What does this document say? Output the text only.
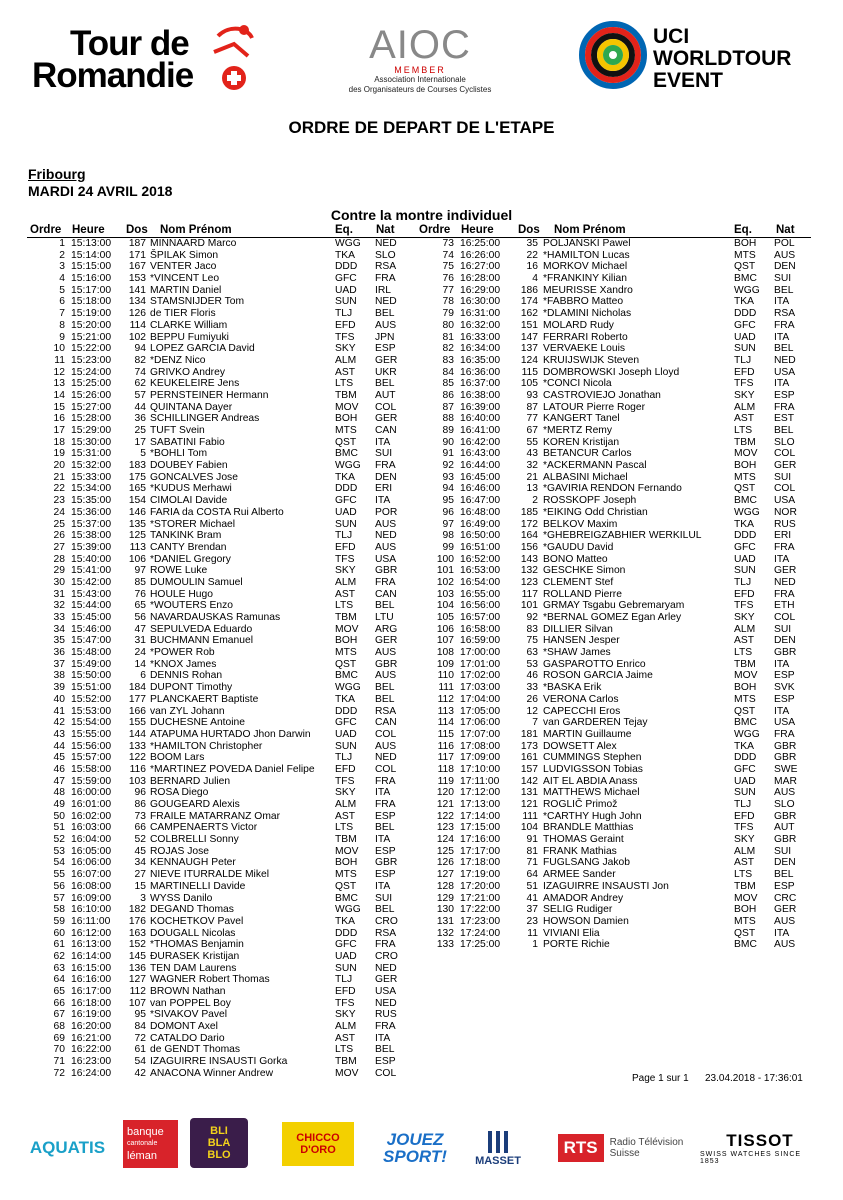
Tour de
Romandie
AIOC
MEMBER
Association Internationale
des Organisateurs de Courses Cyclistes
UCI
WORLDTOUR
EVENT
ORDRE DE DEPART DE L'ETAPE
Fribourg
MARDI 24 AVRIL 2018
Contre la montre individuel
Ordre Heure Dos Nom Prénom	Eq. Nat
1 15:13:00 187 MINNAARD Marco	WGG NED
2 15:14:00 171 ŠPILAK Simon	TKA SLO
3 15:15:00 167 VENTER Jaco	DDD RSA
4 15:16:00 153 *VINCENT Leo	GFC FRA
5 15:17:00 141 MARTIN Daniel	UAD IRL
6 15:18:00 134 STAMSNIJDER Tom	SUN NED
7 15:19:00 126 de TIER Floris	TLJ BEL
8 15:20:00 114 CLARKE William	EFD AUS
9 15:21:00 102 BEPPU Fumiyuki	TFS JPN
10 15:22:00 94 LOPEZ GARCIA David	SKY ESP
11 15:23:00 82 *DENZ Nico	ALM GER
12 15:24:00 74 GRIVKO Andrey	AST UKR
13 15:25:00 62 KEUKELEIRE Jens	LTS BEL
14 15:26:00 57 PERNSTEINER Hermann	TBM AUT
15 15:27:00 44 QUINTANA Dayer	MOV COL
16 15:28:00 36 SCHILLINGER Andreas	BOH GER
17 15:29:00 25 TUFT Svein	MTS CAN
18 15:30:00 17 SABATINI Fabio	QST ITA
19 15:31:00	5 *BOHLI Tom	BMC SUI
20 15:32:00 183 DOUBEY Fabien	WGG FRA
21 15:33:00 175 GONCALVES Jose	TKA DEN
22 15:34:00 165 *KUDUS Merhawi	DDD ERI
23 15:35:00 154 CIMOLAI Davide	GFC ITA
24 15:36:00 146 FARIA da COSTA Rui Alberto	UAD POR
25 15:37:00 135 *STORER Michael	SUN AUS
26 15:38:00 125 TANKINK Bram	TLJ NED
27 15:39:00 113 CANTY Brendan	EFD AUS
28 15:40:00 106 *DANIEL Gregory	TFS USA
29 15:41:00 97 ROWE Luke	SKY GBR
30 15:42:00 85 DUMOULIN Samuel	ALM FRA
31 15:43:00 76 HOULE Hugo	AST CAN
32 15:44:00 65 *WOUTERS Enzo	LTS BEL
33 15:45:00 56 NAVARDAUSKAS Ramunas	TBM LTU
34 15:46:00 47 SEPULVEDA Eduardo	MOV ARG
35 15:47:00 31 BUCHMANN Emanuel	BOH GER
36 15:48:00 24 *POWER Rob	MTS AUS
37 15:49:00 14 *KNOX James	QST GBR
38 15:50:00	6 DENNIS Rohan	BMC AUS
39 15:51:00 184 DUPONT Timothy	WGG BEL
40 15:52:00 177 PLANCKAERT Baptiste	TKA BEL
41 15:53:00 166 van ZYL Johann	DDD RSA
42 15:54:00 155 DUCHESNE Antoine	GFC CAN
43 15:55:00 144 ATAPUMA HURTADO Jhon Darwin UAD COL
44 15:56:00 133 *HAMILTON Christopher	SUN AUS
45 15:57:00 122 BOOM Lars	TLJ NED
46 15:58:00 116 *MARTINEZ POVEDA Daniel Felipe EFD COL
47 15:59:00 103 BERNARD Julien	TFS FRA
48 16:00:00 96 ROSA Diego	SKY ITA
49 16:01:00 86 GOUGEARD Alexis	ALM FRA
50 16:02:00 73 FRAILE MATARRANZ Omar	AST ESP
51 16:03:00 66 CAMPENAERTS Victor	LTS BEL
52 16:04:00 52 COLBRELLI Sonny	TBM ITA
53 16:05:00 45 ROJAS Jose	MOV ESP
54 16:06:00 34 KENNAUGH Peter	BOH GBR
55 16:07:00 27 NIEVE ITURRALDE Mikel	MTS ESP
56 16:08:00 15 MARTINELLI Davide	QST ITA
57 16:09:00	3 WYSS Danilo	BMC SUI
58 16:10:00 182 DEGAND Thomas	WGG BEL
59 16:11:00 176 KOCHETKOV Pavel	TKA CRO
60 16:12:00 163 DOUGALL Nicolas	DDD RSA
61 16:13:00 152 *THOMAS Benjamin	GFC FRA
62 16:14:00 145 ĐURASEK Kristijan	UAD CRO
63 16:15:00 136 TEN DAM Laurens	SUN NED
64 16:16:00 127 WAGNER Robert Thomas	TLJ GER
65 16:17:00 112 BROWN Nathan	EFD USA
66 16:18:00 107 van POPPEL Boy	TFS NED
67 16:19:00 95 *SIVAKOV Pavel	SKY RUS
68 16:20:00 84 DOMONT Axel	ALM FRA
69 16:21:00 72 CATALDO Dario	AST ITA
70 16:22:00 61 de GENDT Thomas	LTS BEL
71 16:23:00 54 IZAGUIRRE INSAUSTI Gorka	TBM ESP
72 16:24:00 42 ANACONA Winner Andrew	MOV COL
Ordre Heure Dos Nom Prénom	Eq. Nat
73 16:25:00	35 POLJANSKI Pawel	BOH POL
74 16:26:00	22 *HAMILTON Lucas	MTS AUS
75 16:27:00	16 MORKOV Michael	QST DEN
76 16:28:00	4 *FRANKINY Kilian	BMC SUI
77 16:29:00 186 MEURISSE Xandro	WGG BEL
78 16:30:00 174 *FABBRO Matteo	TKA ITA
79 16:31:00 162 *DLAMINI Nicholas	DDD RSA
80 16:32:00 151 MOLARD Rudy	GFC FRA
81 16:33:00 147 FERRARI Roberto	UAD ITA
82 16:34:00 137 VERVAEKE Louis	SUN BEL
83 16:35:00 124 KRUIJSWIJK Steven	TLJ NED
84 16:36:00 115 DOMBROWSKI Joseph Lloyd	EFD USA
85 16:37:00 105 *CONCI Nicola	TFS ITA
86 16:38:00	93 CASTROVIEJO Jonathan	SKY ESP
87 16:39:00	87 LATOUR Pierre Roger	ALM FRA
88 16:40:00	77 KANGERT Tanel	AST EST
89 16:41:00	67 *MERTZ Remy	LTS BEL
90 16:42:00	55 KOREN Kristijan	TBM SLO
91 16:43:00	43 BETANCUR Carlos	MOV COL
92 16:44:00	32 *ACKERMANN Pascal	BOH GER
93 16:45:00	21 ALBASINI Michael	MTS SUI
94 16:46:00	13 *GAVIRIA RENDON Fernando	QST COL
95 16:47:00	2 ROSSKOPF Joseph	BMC USA
96 16:48:00 185 *EIKING Odd Christian	WGG NOR
97 16:49:00 172 BELKOV Maxim	TKA RUS
98 16:50:00 164 *GHEBREIGZABHIER WERKILUL	DDD ERI
99 16:51:00 156 *GAUDU David	GFC FRA
100 16:52:00 143 BONO Matteo	UAD ITA
101 16:53:00 132 GESCHKE Simon	SUN GER
102 16:54:00 123 CLEMENT Stef	TLJ NED
103 16:55:00 117 ROLLAND Pierre	EFD FRA
104 16:56:00 101 GRMAY Tsgabu Gebremaryam	TFS ETH
105 16:57:00	92 *BERNAL GOMEZ Egan Arley	SKY COL
106 16:58:00	83 DILLIER Silvan	ALM SUI
107 16:59:00	75 HANSEN Jesper	AST DEN
108 17:00:00	63 *SHAW James	LTS GBR
109 17:01:00	53 GASPAROTTO Enrico	TBM ITA
110 17:02:00	46 ROSON GARCIA Jaime	MOV ESP
111 17:03:00	33 *BASKA Erik	BOH SVK
112 17:04:00	26 VERONA Carlos	MTS ESP
113 17:05:00	12 CAPECCHI Eros	QST ITA
114 17:06:00	7 van GARDEREN Tejay	BMC USA
115 17:07:00 181 MARTIN Guillaume	WGG FRA
116 17:08:00 173 DOWSETT Alex	TKA GBR
117 17:09:00 161 CUMMINGS Stephen	DDD GBR
118 17:10:00 157 LUDVIGSSON Tobias	GFC SWE
119 17:11:00 142 AIT EL ABDIA Anass	UAD MAR
120 17:12:00 131 MATTHEWS Michael	SUN AUS
121 17:13:00 121 ROGLIČ Primož	TLJ SLO
122 17:14:00 111 *CARTHY Hugh John	EFD GBR
123 17:15:00 104 BRANDLE Matthias	TFS AUT
124 17:16:00	91 THOMAS Geraint	SKY GBR
125 17:17:00	81 FRANK Mathias	ALM SUI
126 17:18:00	71 FUGLSANG Jakob	AST DEN
127 17:19:00	64 ARMEE Sander	LTS BEL
128 17:20:00	51 IZAGUIRRE INSAUSTI Jon	TBM ESP
129 17:21:00	41 AMADOR Andrey	MOV CRC
130 17:22:00	37 SELIG Rudiger	BOH GER
131 17:23:00	23 HOWSON Damien	MTS AUS
132 17:24:00	11 VIVIANI Elia	QST ITA
133 17:25:00	1 PORTE Richie	BMC AUS
Page 1 sur 1 23.04.2018 - 17:36:01
AQUATIS
banque
cantonale
léman
BLI
BLA
BLO
CHICCO
D'ORO
JOUEZ
SPORT!	MASSET
RTS	Radio Télévision
Suisse
TISSOT
SWISS WATCHES SINCE 1853
